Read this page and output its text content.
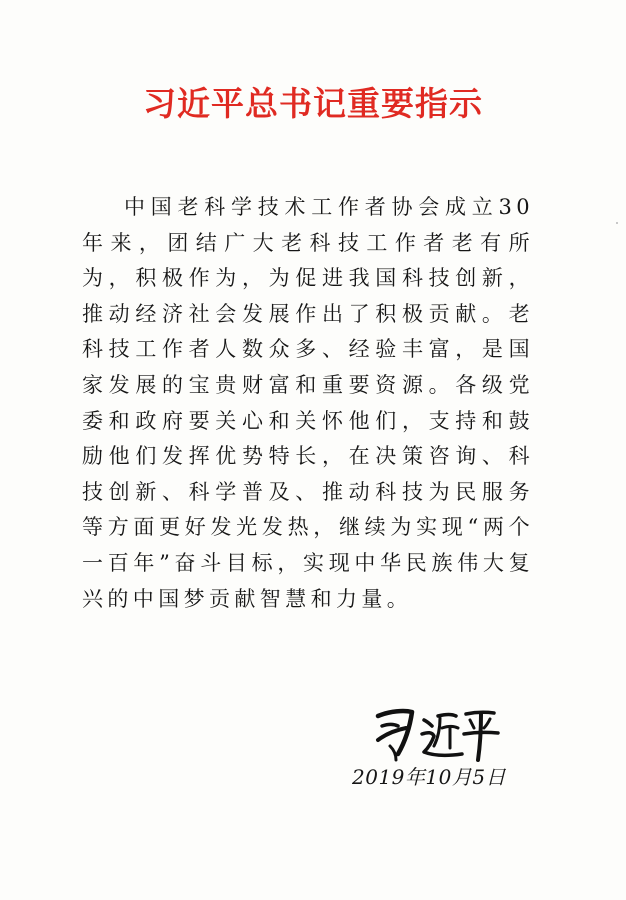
习近平总书记重要指示

中国老科学技术工作者协会成立30年来，团结广大老科技工作者老有所为，积极作为，为促进我国科技创新，推动经济社会发展作出了积极贡献。老科技工作者人数众多、经验丰富，是国家发展的宝贵财富和重要资源。各级党委和政府要关心和关怀他们，支持和鼓励他们发挥优势特长，在决策咨询、科技创新、科学普及、推动科技为民服务等方面更好发光发热，继续为实现“两个一百年”奋斗目标，实现中华民族伟大复兴的中国梦贡献智慧和力量。

2019年10月5日
